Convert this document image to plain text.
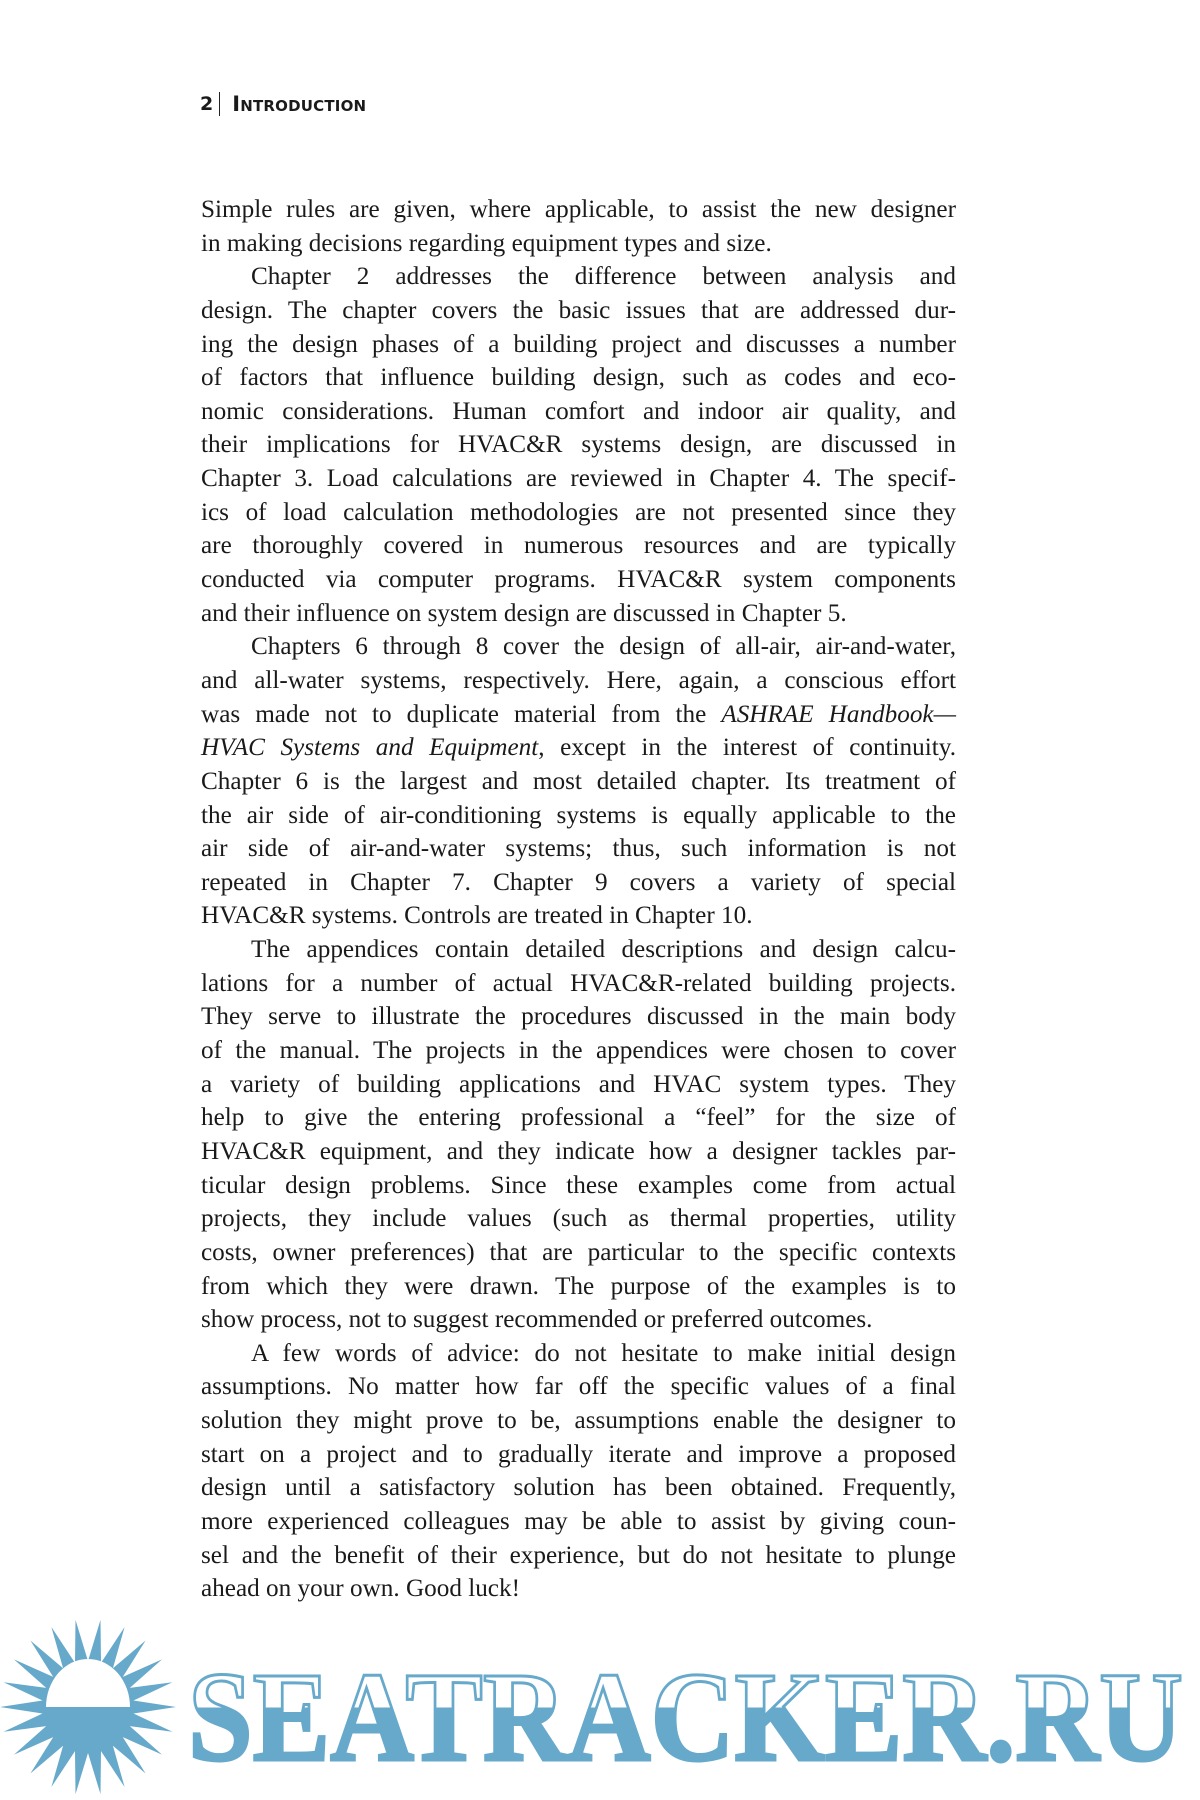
2 Introduction
Simple rules are given, where applicable, to assist the new designer
in making decisions regarding equipment types and size.
Chapter 2 addresses the difference between analysis and
design. The chapter covers the basic issues that are addressed dur-
ing the design phases of a building project and discusses a number
of factors that influence building design, such as codes and eco-
nomic considerations. Human comfort and indoor air quality, and
their implications for HVAC&R systems design, are discussed in
Chapter 3. Load calculations are reviewed in Chapter 4. The specif-
ics of load calculation methodologies are not presented since they
are thoroughly covered in numerous resources and are typically
conducted via computer programs. HVAC&R system components
and their influence on system design are discussed in Chapter 5.
Chapters 6 through 8 cover the design of all-air, air-and-water,
and all-water systems, respectively. Here, again, a conscious effort
was made not to duplicate material from the ASHRAE Handbook—
HVAC Systems and Equipment, except in the interest of continuity.
Chapter 6 is the largest and most detailed chapter. Its treatment of
the air side of air-conditioning systems is equally applicable to the
air side of air-and-water systems; thus, such information is not
repeated in Chapter 7. Chapter 9 covers a variety of special
HVAC&R systems. Controls are treated in Chapter 10.
The appendices contain detailed descriptions and design calcu-
lations for a number of actual HVAC&R-related building projects.
They serve to illustrate the procedures discussed in the main body
of the manual. The projects in the appendices were chosen to cover
a variety of building applications and HVAC system types. They
help to give the entering professional a “feel” for the size of
HVAC&R equipment, and they indicate how a designer tackles par-
ticular design problems. Since these examples come from actual
projects, they include values (such as thermal properties, utility
costs, owner preferences) that are particular to the specific contexts
from which they were drawn. The purpose of the examples is to
show process, not to suggest recommended or preferred outcomes.
A few words of advice: do not hesitate to make initial design
assumptions. No matter how far off the specific values of a final
solution they might prove to be, assumptions enable the designer to
start on a project and to gradually iterate and improve a proposed
design until a satisfactory solution has been obtained. Frequently,
more experienced colleagues may be able to assist by giving coun-
sel and the benefit of their experience, but do not hesitate to plunge
ahead on your own. Good luck!
SEATRACKER.RU
